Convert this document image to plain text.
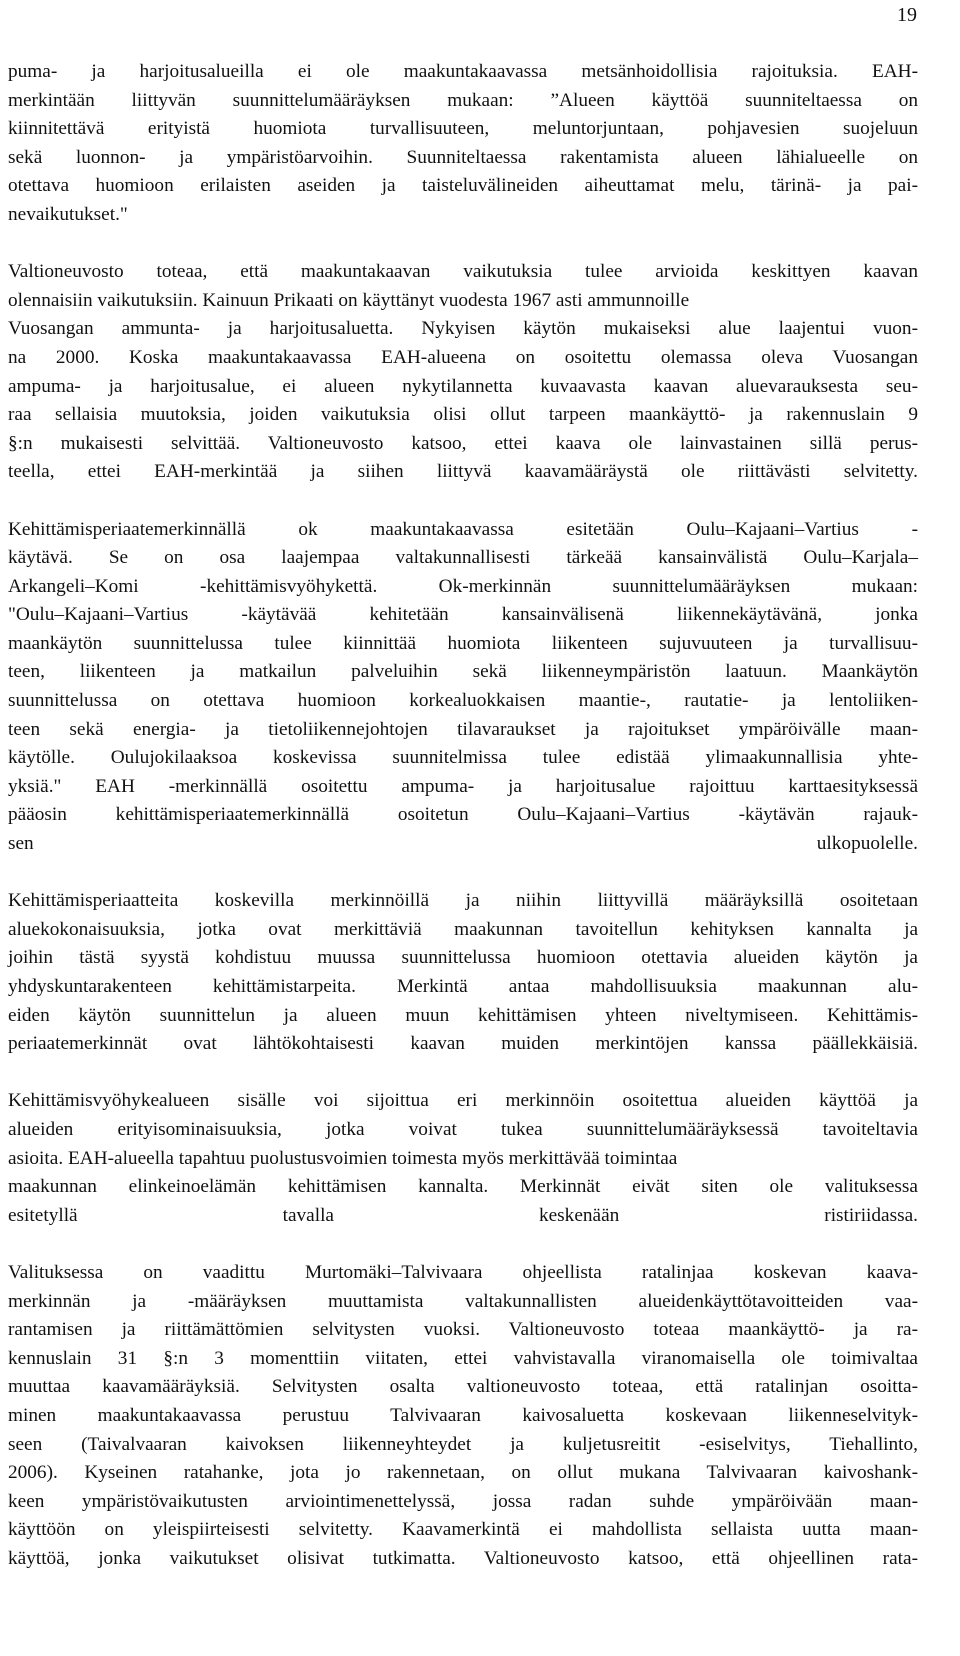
19
puma- ja harjoitusalueilla ei ole maakuntakaavassa metsänhoidollisia rajoituksia. EAH-
merkintään liittyvän suunnittelumääräyksen mukaan: ”Alueen käyttöä suunniteltaessa on
kiinnitettävä erityistä huomiota turvallisuuteen, meluntorjuntaan, pohjavesien suojeluun
sekä luonnon- ja ympäristöarvoihin. Suunniteltaessa rakentamista alueen lähialueelle on
otettava huomioon erilaisten aseiden ja taisteluvälineiden aiheuttamat melu, tärinä- ja pai-
nevaikutukset."
Valtioneuvosto toteaa, että maakuntakaavan vaikutuksia tulee arvioida keskittyen kaavan
olennaisiin vaikutuksiin. Kainuun Prikaati on käyttänyt vuodesta 1967 asti ammunnoille
Vuosangan ammunta- ja harjoitusaluetta. Nykyisen käytön mukaiseksi alue laajentui vuon-
na 2000. Koska maakuntakaavassa EAH-alueena on osoitettu olemassa oleva Vuosangan
ampuma- ja harjoitusalue, ei alueen nykytilannetta kuvaavasta kaavan aluevarauksesta seu-
raa sellaisia muutoksia, joiden vaikutuksia olisi ollut tarpeen maankäyttö- ja rakennuslain 9
§:n mukaisesti selvittää. Valtioneuvosto katsoo, ettei kaava ole lainvastainen sillä perus-
teella, ettei EAH-merkintää ja siihen liittyvä kaavamääräystä ole riittävästi selvitetty.
Kehittämisperiaatemerkinnällä ok maakuntakaavassa esitetään Oulu–Kajaani–Vartius -
käytävä. Se on osa laajempaa valtakunnallisesti tärkeää kansainvälistä Oulu–Karjala–
Arkangeli–Komi -kehittämisvyöhykettä. Ok-merkinnän suunnittelumääräyksen mukaan:
"Oulu–Kajaani–Vartius -käytävää kehitetään kansainvälisenä liikennekäytävänä, jonka
maankäytön suunnittelussa tulee kiinnittää huomiota liikenteen sujuvuuteen ja turvallisuu-
teen, liikenteen ja matkailun palveluihin sekä liikenneympäristön laatuun. Maankäytön
suunnittelussa on otettava huomioon korkealuokkaisen maantie-, rautatie- ja lentoliiken-
teen sekä energia- ja tietoliikennejohtojen tilavaraukset ja rajoitukset ympäröivälle maan-
käytölle. Oulujokilaaksoa koskevissa suunnitelmissa tulee edistää ylimaakunnallisia yhte-
yksiä." EAH -merkinnällä osoitettu ampuma- ja harjoitusalue rajoittuu karttaesityksessä
pääosin kehittämisperiaatemerkinnällä osoitetun Oulu–Kajaani–Vartius -käytävän rajauk-
sen ulkopuolelle.
Kehittämisperiaatteita koskevilla merkinnöillä ja niihin liittyvillä määräyksillä osoitetaan
aluekokonaisuuksia, jotka ovat merkittäviä maakunnan tavoitellun kehityksen kannalta ja
joihin tästä syystä kohdistuu muussa suunnittelussa huomioon otettavia alueiden käytön ja
yhdyskuntarakenteen kehittämistarpeita. Merkintä antaa mahdollisuuksia maakunnan alu-
eiden käytön suunnittelun ja alueen muun kehittämisen yhteen niveltymiseen. Kehittämis-
periaatemerkinnät ovat lähtökohtaisesti kaavan muiden merkintöjen kanssa päällekkäisiä.
Kehittämisvyöhykealueen sisälle voi sijoittua eri merkinnöin osoitettua alueiden käyttöä ja
alueiden erityisominaisuuksia, jotka voivat tukea suunnittelumääräyksessä tavoiteltavia
asioita. EAH-alueella tapahtuu puolustusvoimien toimesta myös merkittävää toimintaa
maakunnan elinkeinoelämän kehittämisen kannalta. Merkinnät eivät siten ole valituksessa
esitetyllä tavalla keskenään ristiriidassa.
Valituksessa on vaadittu Murtomäki–Talvivaara ohjeellista ratalinjaa koskevan kaava-
merkinnän ja -määräyksen muuttamista valtakunnallisten alueidenkäyttötavoitteiden vaa-
rantamisen ja riittämättömien selvitysten vuoksi. Valtioneuvosto toteaa maankäyttö- ja ra-
kennuslain 31 §:n 3 momenttiin viitaten, ettei vahvistavalla viranomaisella ole toimivaltaa
muuttaa kaavamääräyksiä. Selvitysten osalta valtioneuvosto toteaa, että ratalinjan osoitta-
minen maakuntakaavassa perustuu Talvivaaran kaivosaluetta koskevaan liikenneselvityk-
seen (Taivalvaaran kaivoksen liikenneyhteydet ja kuljetusreitit -esiselvitys, Tiehallinto,
2006). Kyseinen ratahanke, jota jo rakennetaan, on ollut mukana Talvivaaran kaivoshank-
keen ympäristövaikutusten arviointimenettelyssä, jossa radan suhde ympäröivään maan-
käyttöön on yleispiirteisesti selvitetty. Kaavamerkintä ei mahdollista sellaista uutta maan-
käyttöä, jonka vaikutukset olisivat tutkimatta. Valtioneuvosto katsoo, että ohjeellinen rata-
